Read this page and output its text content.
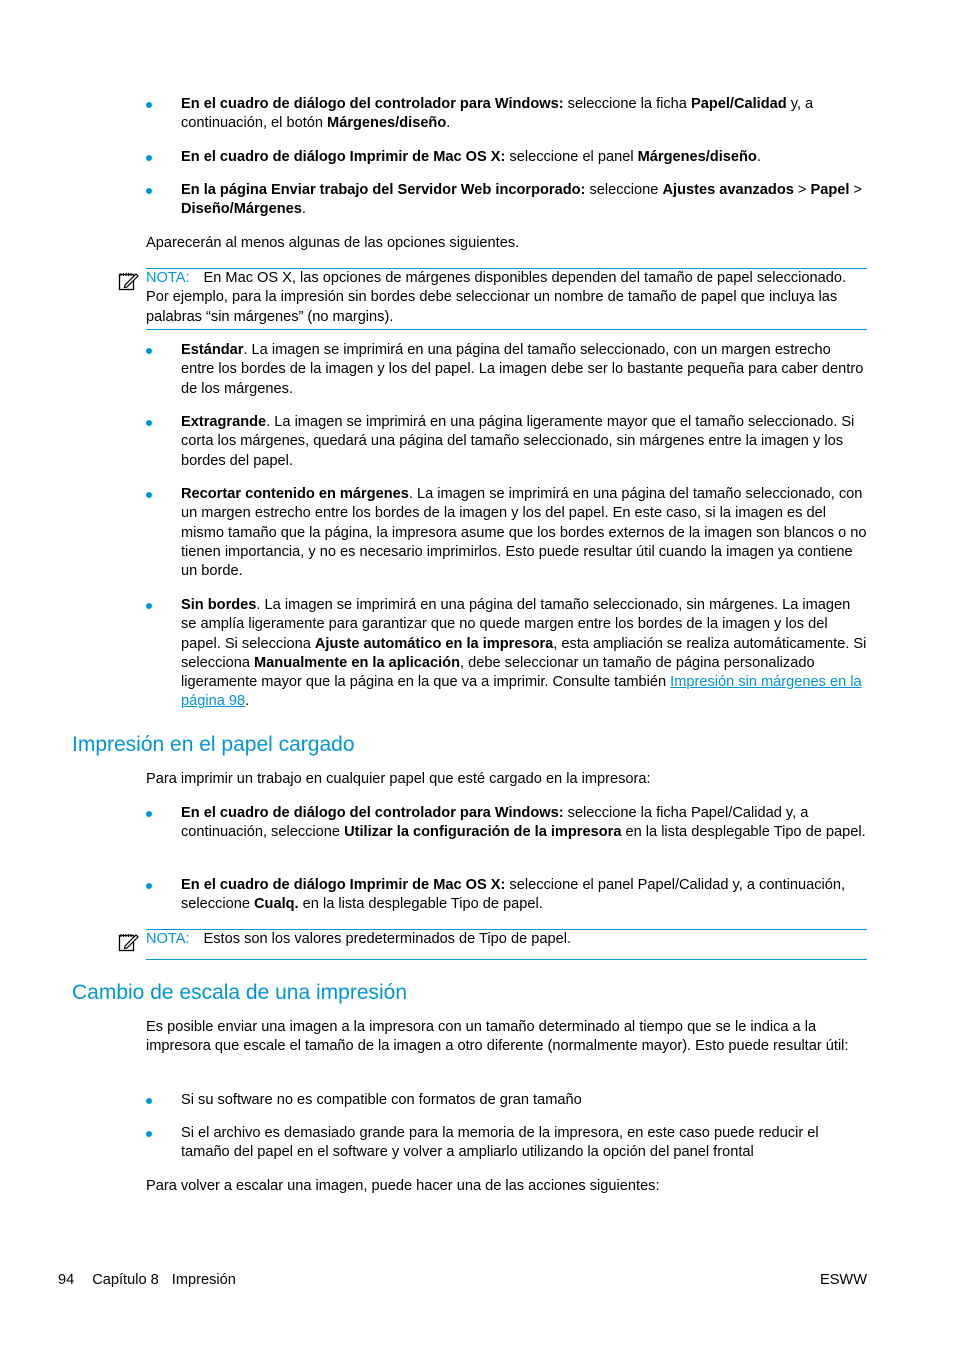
En el cuadro de diálogo del controlador para Windows: seleccione la ficha Papel/Calidad y, a continuación, el botón Márgenes/diseño.
En el cuadro de diálogo Imprimir de Mac OS X: seleccione el panel Márgenes/diseño.
En la página Enviar trabajo del Servidor Web incorporado: seleccione Ajustes avanzados > Papel > Diseño/Márgenes.
Aparecerán al menos algunas de las opciones siguientes.
NOTA: En Mac OS X, las opciones de márgenes disponibles dependen del tamaño de papel seleccionado. Por ejemplo, para la impresión sin bordes debe seleccionar un nombre de tamaño de papel que incluya las palabras “sin márgenes” (no margins).
Estándar. La imagen se imprimirá en una página del tamaño seleccionado, con un margen estrecho entre los bordes de la imagen y los del papel. La imagen debe ser lo bastante pequeña para caber dentro de los márgenes.
Extragrande. La imagen se imprimirá en una página ligeramente mayor que el tamaño seleccionado. Si corta los márgenes, quedará una página del tamaño seleccionado, sin márgenes entre la imagen y los bordes del papel.
Recortar contenido en márgenes. La imagen se imprimirá en una página del tamaño seleccionado, con un margen estrecho entre los bordes de la imagen y los del papel. En este caso, si la imagen es del mismo tamaño que la página, la impresora asume que los bordes externos de la imagen son blancos o no tienen importancia, y no es necesario imprimirlos. Esto puede resultar útil cuando la imagen ya contiene un borde.
Sin bordes. La imagen se imprimirá en una página del tamaño seleccionado, sin márgenes. La imagen se amplía ligeramente para garantizar que no quede margen entre los bordes de la imagen y los del papel. Si selecciona Ajuste automático en la impresora, esta ampliación se realiza automáticamente. Si selecciona Manualmente en la aplicación, debe seleccionar un tamaño de página personalizado ligeramente mayor que la página en la que va a imprimir. Consulte también Impresión sin márgenes en la página 98.
Impresión en el papel cargado
Para imprimir un trabajo en cualquier papel que esté cargado en la impresora:
En el cuadro de diálogo del controlador para Windows: seleccione la ficha Papel/Calidad y, a continuación, seleccione Utilizar la configuración de la impresora en la lista desplegable Tipo de papel.
En el cuadro de diálogo Imprimir de Mac OS X: seleccione el panel Papel/Calidad y, a continuación, seleccione Cualq. en la lista desplegable Tipo de papel.
NOTA: Estos son los valores predeterminados de Tipo de papel.
Cambio de escala de una impresión
Es posible enviar una imagen a la impresora con un tamaño determinado al tiempo que se le indica a la impresora que escale el tamaño de la imagen a otro diferente (normalmente mayor). Esto puede resultar útil:
Si su software no es compatible con formatos de gran tamaño
Si el archivo es demasiado grande para la memoria de la impresora, en este caso puede reducir el tamaño del papel en el software y volver a ampliarlo utilizando la opción del panel frontal
Para volver a escalar una imagen, puede hacer una de las acciones siguientes:
94 Capítulo 8 Impresión	ESWW
